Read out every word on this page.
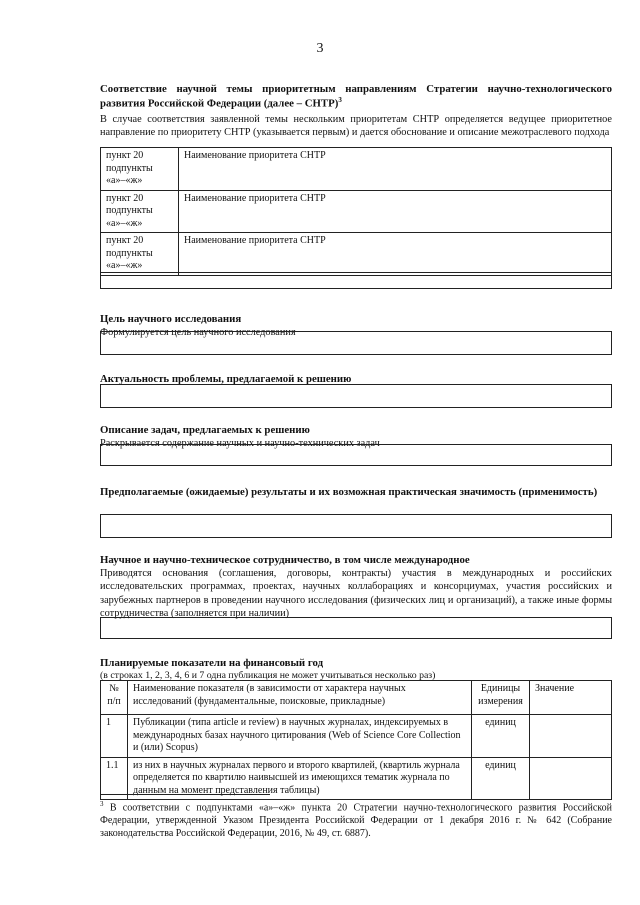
3
Соответствие научной темы приоритетным направлениям Стратегии научно-технологического развития Российской Федерации (далее – СНТР)$^3$
В случае соответствия заявленной темы нескольким приоритетам СНТР определяется ведущее приоритетное направление по приоритету СНТР (указывается первым) и дается обоснование и описание межотраслевого подхода
пункт 20 подпункты «а»–«ж»	Наименование приоритета СНТР
пункт 20 подпункты «а»–«ж»	Наименование приоритета СНТР
пункт 20 подпункты «а»–«ж»	Наименование приоритета СНТР
Цель научного исследования
Формулируется цель научного исследования
Актуальность проблемы, предлагаемой к решению
Описание задач, предлагаемых к решению
Раскрывается содержание научных и научно-технических задач
Предполагаемые (ожидаемые) результаты и их возможная практическая значимость (применимость)
Научное и научно-техническое сотрудничество, в том числе международное
Приводятся основания (соглашения, договоры, контракты) участия в международных и российских исследовательских программах, проектах, научных коллаборациях и консорциумах, участия российских и зарубежных партнеров в проведении научного исследования (физических лиц и организаций), а также иные формы сотрудничества (заполняется при наличии)
Планируемые показатели на финансовый год
(в строках 1, 2, 3, 4, 6 и 7 одна публикация не может учитываться несколько раз)
№ п/п	Наименование показателя (в зависимости от характера научных исследований (фундаментальные, поисковые, прикладные)	Единицы измерения	Значение
1	Публикации (типа article и review) в научных журналах, индексируемых в международных базах научного цитирования (Web of Science Core Collection и (или) Scopus)	единиц	
1.1	из них в научных журналах первого и второго квартилей, (квартиль журнала определяется по квартилю наивысшей из имеющихся тематик журнала по данным на момент представления таблицы)	единиц	
$^3$ В соответствии с подпунктами «а»–«ж» пункта 20 Стратегии научно-технологического развития Российской Федерации, утвержденной Указом Президента Российской Федерации от 1 декабря 2016 г. № 642 (Собрание законодательства Российской Федерации, 2016, № 49, ст. 6887).
